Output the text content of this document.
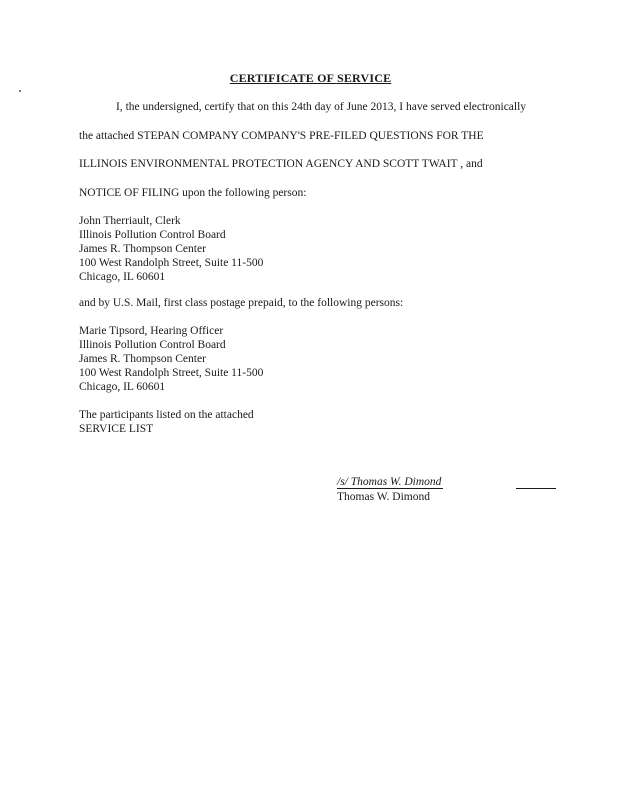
CERTIFICATE OF SERVICE
I, the undersigned, certify that on this 24th day of June 2013, I have served electronically
the attached STEPAN COMPANY COMPANY'S PRE-FILED QUESTIONS FOR THE
ILLINOIS ENVIRONMENTAL PROTECTION AGENCY AND SCOTT TWAIT , and
NOTICE OF FILING upon the following person:
John Therriault, Clerk
Illinois Pollution Control Board
James R. Thompson Center
100 West Randolph Street, Suite 11-500
Chicago, IL 60601
and by U.S. Mail, first class postage prepaid, to the following persons:
Marie Tipsord, Hearing Officer
Illinois Pollution Control Board
James R. Thompson Center
100 West Randolph Street, Suite 11-500
Chicago, IL 60601
The participants listed on the attached
SERVICE LIST
/s/ Thomas W. Dimond
Thomas W. Dimond
